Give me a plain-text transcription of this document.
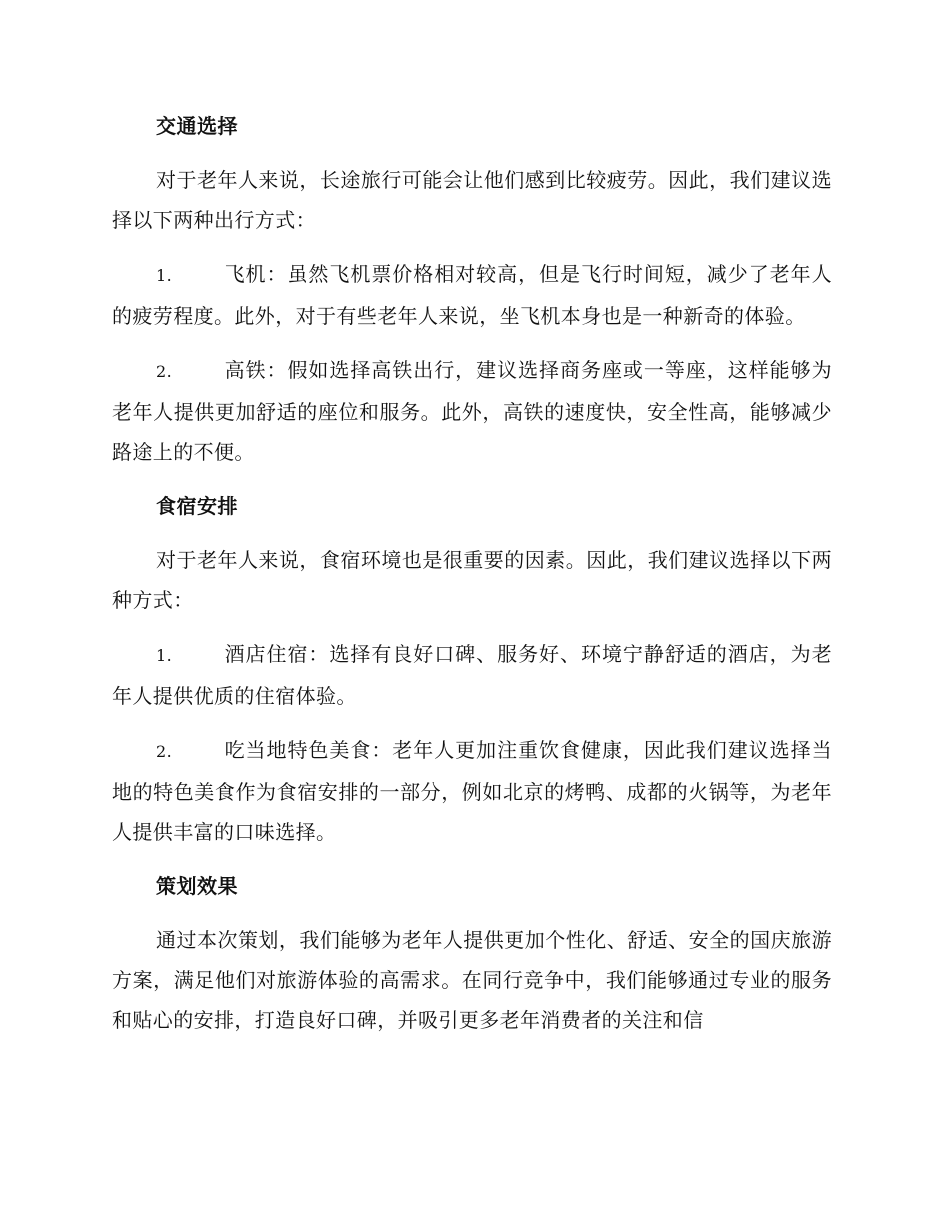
交通选择

对于老年人来说，长途旅行可能会让他们感到比较疲劳。因此，我们建议选择以下两种出行方式：

1.	飞机：虽然飞机票价格相对较高，但是飞行时间短，减少了老年人的疲劳程度。此外，对于有些老年人来说，坐飞机本身也是一种新奇的体验。

2.	高铁：假如选择高铁出行，建议选择商务座或一等座，这样能够为老年人提供更加舒适的座位和服务。此外，高铁的速度快，安全性高，能够减少路途上的不便。

食宿安排

对于老年人来说，食宿环境也是很重要的因素。因此，我们建议选择以下两种方式：

1.	酒店住宿：选择有良好口碑、服务好、环境宁静舒适的酒店，为老年人提供优质的住宿体验。

2.	吃当地特色美食：老年人更加注重饮食健康，因此我们建议选择当地的特色美食作为食宿安排的一部分，例如北京的烤鸭、成都的火锅等，为老年人提供丰富的口味选择。

策划效果

通过本次策划，我们能够为老年人提供更加个性化、舒适、安全的国庆旅游方案，满足他们对旅游体验的高需求。在同行竞争中，我们能够通过专业的服务和贴心的安排，打造良好口碑，并吸引更多老年消费者的关注和信
